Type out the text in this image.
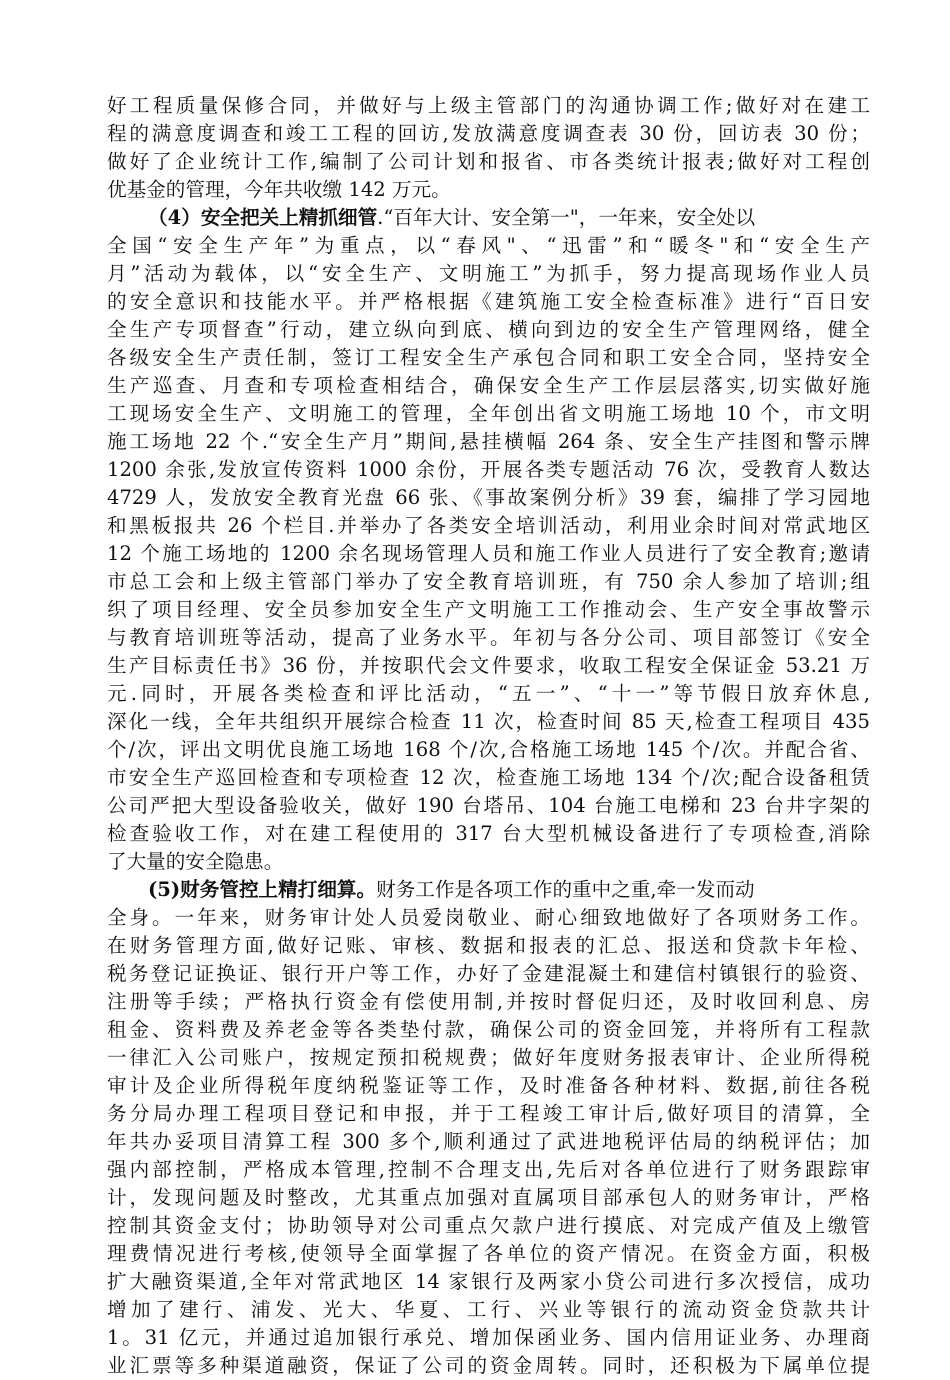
好工程质量保修合同，并做好与上级主管部门的沟通协调工作;做好对在建工
程的满意度调查和竣工工程的回访,发放满意度调查表 30 份，回访表 30 份；
做好了企业统计工作,编制了公司计划和报省、市各类统计报表;做好对工程创
优基金的管理，今年共收缴 142 万元。
（4）安全把关上精抓细管.“百年大计、安全第一"，一年来，安全处以
全国“安全生产年”为重点，以“春风"、“迅雷”和“暖冬"和“安全生产
月”活动为载体，以“安全生产、文明施工”为抓手，努力提高现场作业人员
的安全意识和技能水平。并严格根据《建筑施工安全检查标准》进行“百日安
全生产专项督查”行动，建立纵向到底、横向到边的安全生产管理网络，健全
各级安全生产责任制，签订工程安全生产承包合同和职工安全合同，坚持安全
生产巡查、月查和专项检查相结合，确保安全生产工作层层落实,切实做好施
工现场安全生产、文明施工的管理，全年创出省文明施工场地 10 个，市文明
施工场地 22 个.“安全生产月”期间,悬挂横幅 264 条、安全生产挂图和警示牌
1200 余张,发放宣传资料 1000 余份，开展各类专题活动 76 次，受教育人数达
4729 人，发放安全教育光盘 66 张、《事故案例分析》39 套，编排了学习园地
和黑板报共 26 个栏目.并举办了各类安全培训活动，利用业余时间对常武地区
12 个施工场地的 1200 余名现场管理人员和施工作业人员进行了安全教育;邀请
市总工会和上级主管部门举办了安全教育培训班，有 750 余人参加了培训;组
织了项目经理、安全员参加安全生产文明施工工作推动会、生产安全事故警示
与教育培训班等活动，提高了业务水平。年初与各分公司、项目部签订《安全
生产目标责任书》36 份，并按职代会文件要求，收取工程安全保证金 53.21 万
元.同时，开展各类检查和评比活动，“五一”、“十一”等节假日放弃休息,
深化一线，全年共组织开展综合检查 11 次，检查时间 85 天,检查工程项目 435
个/次，评出文明优良施工场地 168 个/次,合格施工场地 145 个/次。并配合省、
市安全生产巡回检查和专项检查 12 次，检查施工场地 134 个/次;配合设备租赁
公司严把大型设备验收关，做好 190 台塔吊、104 台施工电梯和 23 台井字架的
检查验收工作，对在建工程使用的 317 台大型机械设备进行了专项检查,消除
了大量的安全隐患。
(5)财务管控上精打细算。财务工作是各项工作的重中之重,牵一发而动
全身。一年来，财务审计处人员爱岗敬业、耐心细致地做好了各项财务工作。
在财务管理方面,做好记账、审核、数据和报表的汇总、报送和贷款卡年检、
税务登记证换证、银行开户等工作，办好了金建混凝土和建信村镇银行的验资、
注册等手续；严格执行资金有偿使用制,并按时督促归还，及时收回利息、房
租金、资料费及养老金等各类垫付款，确保公司的资金回笼，并将所有工程款
一律汇入公司账户，按规定预扣税规费；做好年度财务报表审计、企业所得税
审计及企业所得税年度纳税鉴证等工作，及时准备各种材料、数据,前往各税
务分局办理工程项目登记和申报，并于工程竣工审计后,做好项目的清算，全
年共办妥项目清算工程 300 多个,顺利通过了武进地税评估局的纳税评估；加
强内部控制，严格成本管理,控制不合理支出,先后对各单位进行了财务跟踪审
计，发现问题及时整改，尤其重点加强对直属项目部承包人的财务审计，严格
控制其资金支付；协助领导对公司重点欠款户进行摸底、对完成产值及上缴管
理费情况进行考核,使领导全面掌握了各单位的资产情况。在资金方面，积极
扩大融资渠道,全年对常武地区 14 家银行及两家小贷公司进行多次授信，成功
增加了建行、浦发、光大、华夏、工行、兴业等银行的流动资金贷款共计
1。31 亿元，并通过追加银行承兑、增加保函业务、国内信用证业务、办理商
业汇票等多种渠道融资，保证了公司的资金周转。同时，还积极为下属单位提
